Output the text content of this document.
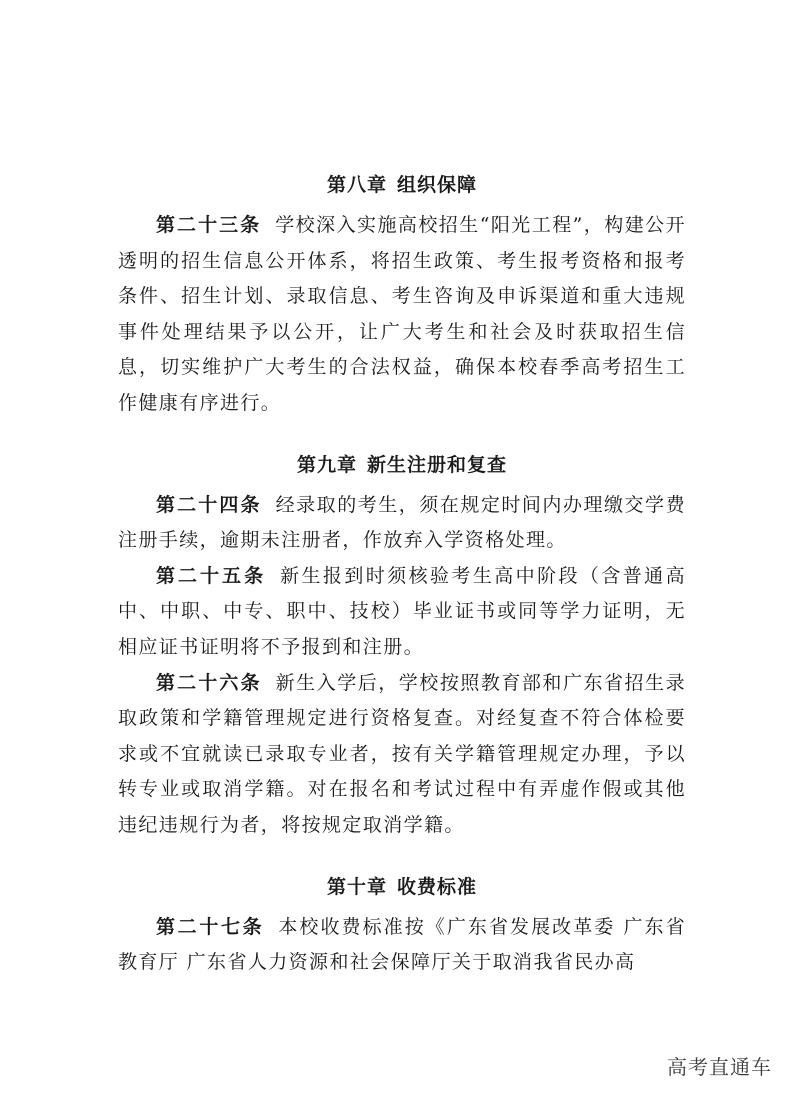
第八章 组织保障

第二十三条 学校深入实施高校招生“阳光工程”，构建公开透明的招生信息公开体系，将招生政策、考生报考资格和报考条件、招生计划、录取信息、考生咨询及申诉渠道和重大违规事件处理结果予以公开，让广大考生和社会及时获取招生信息，切实维护广大考生的合法权益，确保本校春季高考招生工作健康有序进行。

第九章 新生注册和复查

第二十四条 经录取的考生，须在规定时间内办理缴交学费注册手续，逾期未注册者，作放弃入学资格处理。

第二十五条 新生报到时须核验考生高中阶段（含普通高中、中职、中专、职中、技校）毕业证书或同等学力证明，无相应证书证明将不予报到和注册。

第二十六条 新生入学后，学校按照教育部和广东省招生录取政策和学籍管理规定进行资格复查。对经复查不符合体检要求或不宜就读已录取专业者，按有关学籍管理规定办理，予以转专业或取消学籍。对在报名和考试过程中有弄虚作假或其他违纪违规行为者，将按规定取消学籍。

第十章 收费标准

第二十七条 本校收费标准按《广东省发展改革委 广东省教育厅 广东省人力资源和社会保障厅关于取消我省民办高

高考直通车
